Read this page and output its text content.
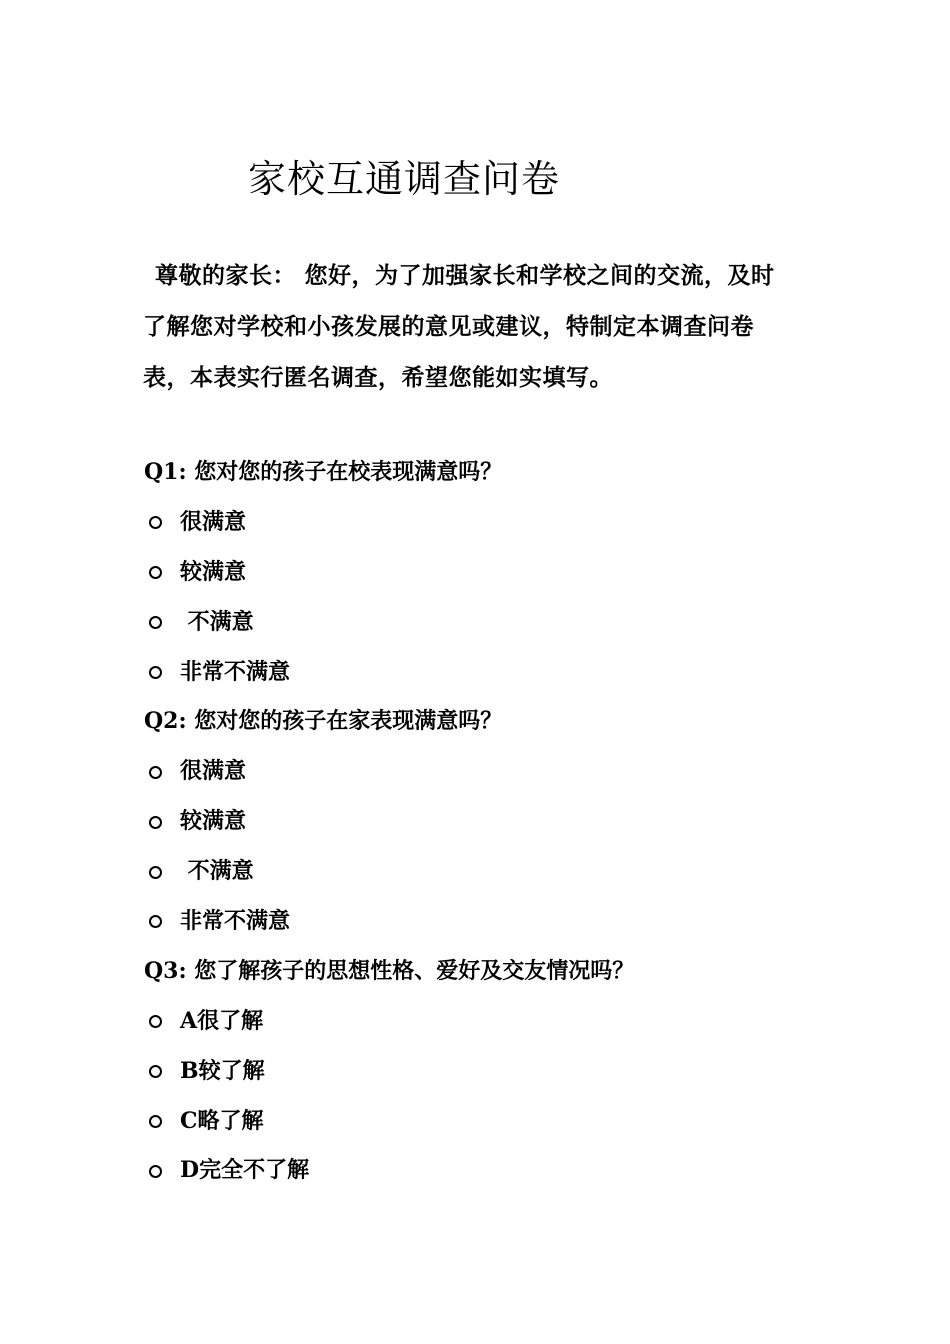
家校互通调查问卷
尊敬的家长： 您好，为了加强家长和学校之间的交流，及时
了解您对学校和小孩发展的意见或建议，特制定本调查问卷
表，本表实行匿名调查，希望您能如实填写。
Q1: 您对您的孩子在校表现满意吗？
很满意
较满意
不满意
非常不满意
Q2: 您对您的孩子在家表现满意吗？
很满意
较满意
不满意
非常不满意
Q3: 您了解孩子的思想性格、爱好及交友情况吗？
A很了解
B较了解
C略了解
D完全不了解
